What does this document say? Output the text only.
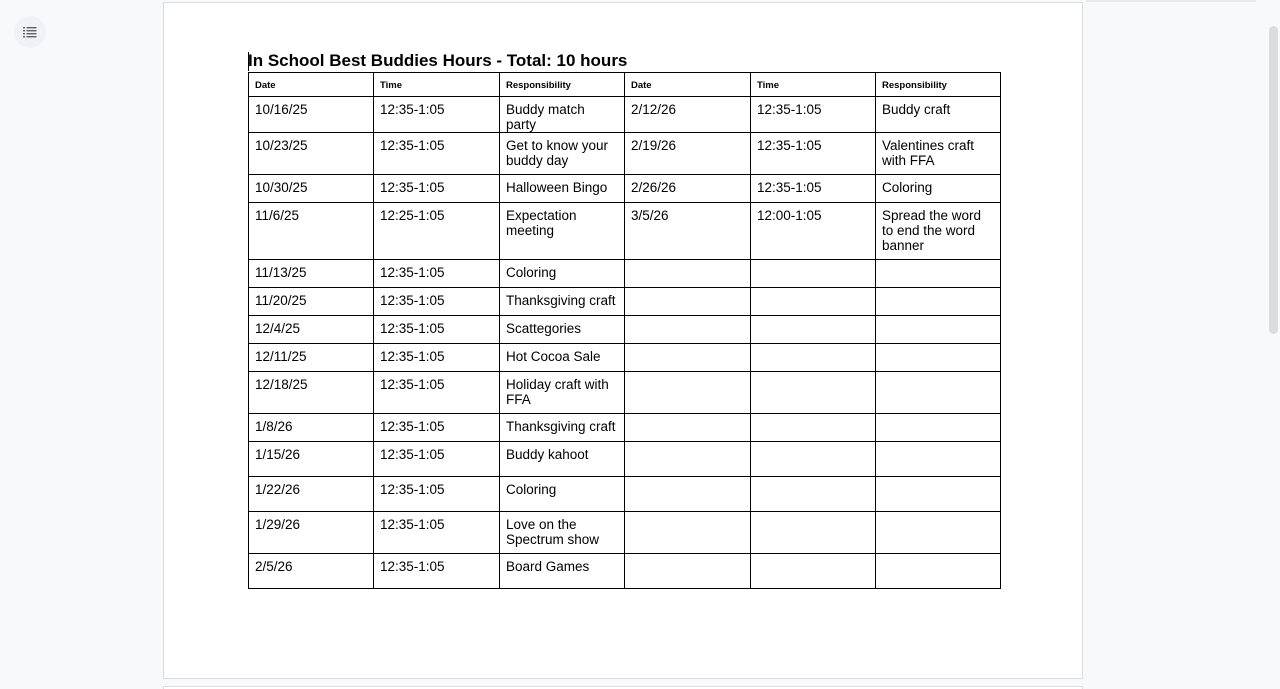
In School Best Buddies Hours - Total: 10 hours
Date	Time	Responsibility	Date	Time	Responsibility
10/16/25	12:35-1:05	Buddy match party	2/12/26	12:35-1:05	Buddy craft
10/23/25	12:35-1:05	Get to know your buddy day	2/19/26	12:35-1:05	Valentines craft with FFA
10/30/25	12:35-1:05	Halloween Bingo	2/26/26	12:35-1:05	Coloring
11/6/25	12:25-1:05	Expectation meeting	3/5/26	12:00-1:05	Spread the word to end the word banner
11/13/25	12:35-1:05	Coloring			
11/20/25	12:35-1:05	Thanksgiving craft			
12/4/25	12:35-1:05	Scattegories			
12/11/25	12:35-1:05	Hot Cocoa Sale			
12/18/25	12:35-1:05	Holiday craft with FFA			
1/8/26	12:35-1:05	Thanksgiving craft			
1/15/26	12:35-1:05	Buddy kahoot			
1/22/26	12:35-1:05	Coloring			
1/29/26	12:35-1:05	Love on the Spectrum show			
2/5/26	12:35-1:05	Board Games			
